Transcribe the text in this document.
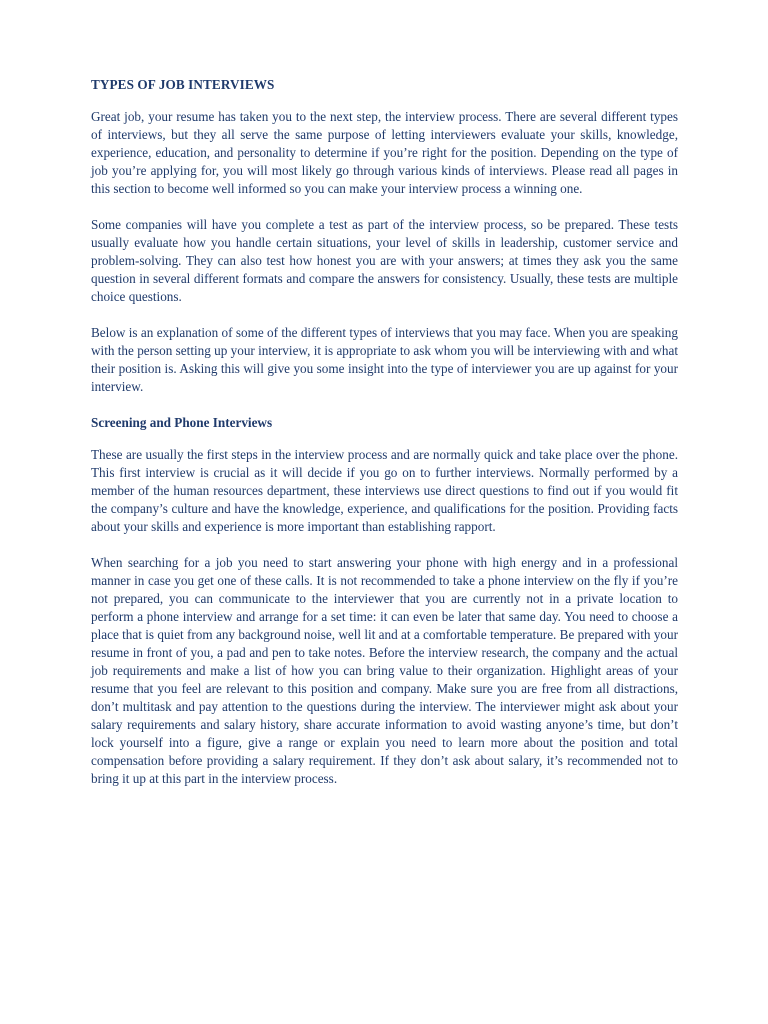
TYPES OF JOB INTERVIEWS

Great job, your resume has taken you to the next step, the interview process. There are several different types of interviews, but they all serve the same purpose of letting interviewers evaluate your skills, knowledge, experience, education, and personality to determine if you’re right for the position. Depending on the type of job you’re applying for, you will most likely go through various kinds of interviews. Please read all pages in this section to become well informed so you can make your interview process a winning one.

Some companies will have you complete a test as part of the interview process, so be prepared. These tests usually evaluate how you handle certain situations, your level of skills in leadership, customer service and problem-solving. They can also test how honest you are with your answers; at times they ask you the same question in several different formats and compare the answers for consistency. Usually, these tests are multiple choice questions.

Below is an explanation of some of the different types of interviews that you may face. When you are speaking with the person setting up your interview, it is appropriate to ask whom you will be interviewing with and what their position is. Asking this will give you some insight into the type of interviewer you are up against for your interview.

Screening and Phone Interviews

These are usually the first steps in the interview process and are normally quick and take place over the phone. This first interview is crucial as it will decide if you go on to further interviews. Normally performed by a member of the human resources department, these interviews use direct questions to find out if you would fit the company’s culture and have the knowledge, experience, and qualifications for the position. Providing facts about your skills and experience is more important than establishing rapport.

When searching for a job you need to start answering your phone with high energy and in a professional manner in case you get one of these calls. It is not recommended to take a phone interview on the fly if you’re not prepared, you can communicate to the interviewer that you are currently not in a private location to perform a phone interview and arrange for a set time: it can even be later that same day. You need to choose a place that is quiet from any background noise, well lit and at a comfortable temperature. Be prepared with your resume in front of you, a pad and pen to take notes. Before the interview research, the company and the actual job requirements and make a list of how you can bring value to their organization. Highlight areas of your resume that you feel are relevant to this position and company. Make sure you are free from all distractions, don’t multitask and pay attention to the questions during the interview. The interviewer might ask about your salary requirements and salary history, share accurate information to avoid wasting anyone’s time, but don’t lock yourself into a figure, give a range or explain you need to learn more about the position and total compensation before providing a salary requirement. If they don’t ask about salary, it’s recommended not to bring it up at this part in the interview process.
